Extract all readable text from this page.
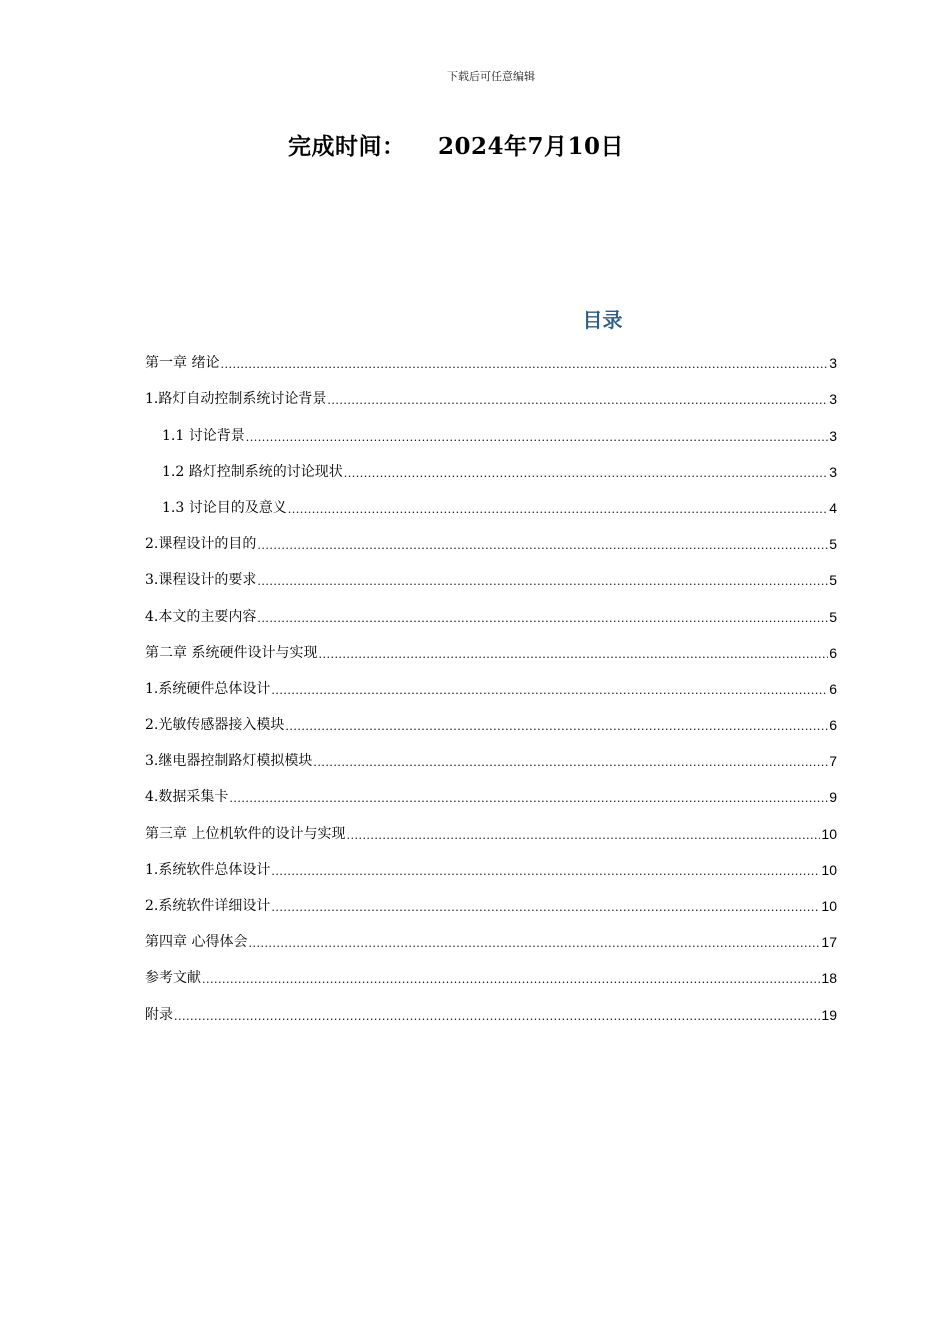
下载后可任意编辑
完成时间： 2024年7月10日
目录
第一章 绪论 .....	3
1.路灯自动控制系统讨论背景 .....	3
1.1 讨论背景 .....	3
1.2 路灯控制系统的讨论现状 .....	3
1.3 讨论目的及意义 .....	4
2.课程设计的目的 .....	5
3.课程设计的要求 .....	5
4.本文的主要内容 .....	5
第二章 系统硬件设计与实现 .....	6
1.系统硬件总体设计 .....	6
2.光敏传感器接入模块 .....	6
3.继电器控制路灯模拟模块 .....	7
4.数据采集卡 .....	9
第三章 上位机软件的设计与实现 .....	10
1.系统软件总体设计 .....	10
2.系统软件详细设计 .....	10
第四章 心得体会 .....	17
参考文献 .....	18
附录 .....	19
